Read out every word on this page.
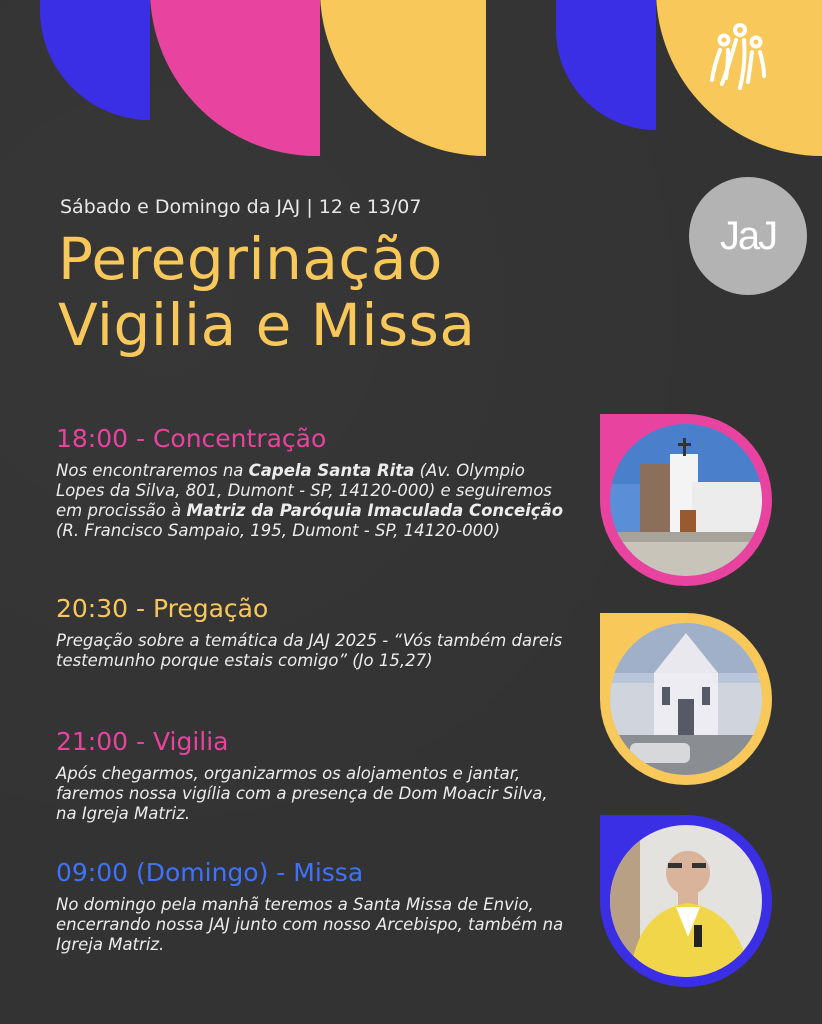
JaJ
Sábado e Domingo da JAJ | 12 e 13/07
Peregrinação
Vigilia e Missa
18:00 - Concentração
Nos encontraremos na Capela Santa Rita (Av. Olympio Lopes da Silva, 801, Dumont - SP, 14120-000) e seguiremos em procissão à Matriz da Paróquia Imaculada Conceição (R. Francisco Sampaio, 195, Dumont - SP, 14120-000)
20:30 - Pregação
Pregação sobre a temática da JAJ 2025 - “Vós também dareis testemunho porque estais comigo” (Jo 15,27)
21:00 - Vigilia
Após chegarmos, organizarmos os alojamentos e jantar, faremos nossa vigília com a presença de Dom Moacir Silva, na Igreja Matriz.
09:00 (Domingo) - Missa
No domingo pela manhã teremos a Santa Missa de Envio, encerrando nossa JAJ junto com nosso Arcebispo, também na Igreja Matriz.
